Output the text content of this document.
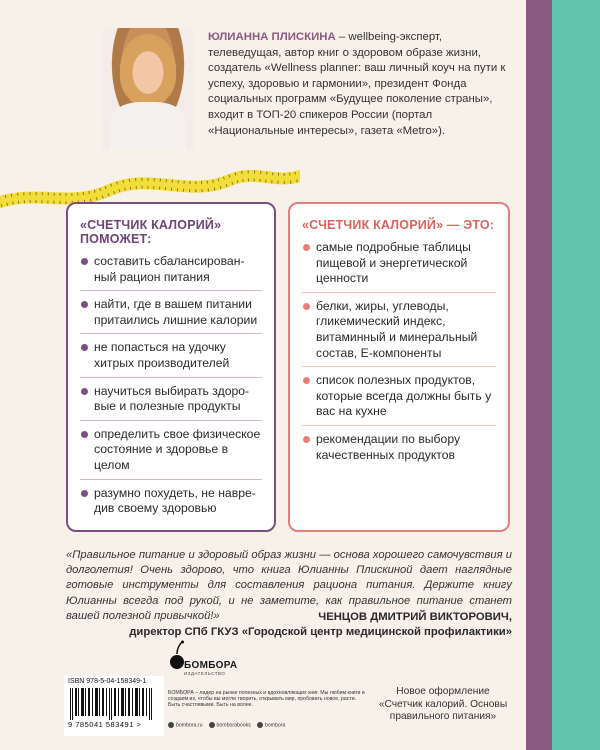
ЮЛИАННА ПЛИСКИНА – wellbeing-эксперт, телеведущая, автор книг о здоровом образе жизни, создатель «Wellness planner: ваш личный коуч на пути к успеху, здоровью и гармонии», президент Фонда социальных программ «Будущее поколение страны», входит в ТОП-20 спикеров России (портал «Национальные интересы», газета «Metro»).
«СЧЕТЧИК КАЛОРИЙ» ПОМОЖЕТ:
составить сбалансированный рацион питания
найти, где в вашем питании притаились лишние калории
не попасться на удочку хитрых производителей
научиться выбирать здоровые и полезные продукты
определить свое физическое состояние и здоровье в целом
разумно похудеть, не навредив своему здоровью
«СЧЕТЧИК КАЛОРИЙ» — ЭТО:
самые подробные таблицы пищевой и энергетической ценности
белки, жиры, углеводы, гликемический индекс, витаминный и минеральный состав, Е-компоненты
список полезных продуктов, которые всегда должны быть у вас на кухне
рекомендации по выбору качественных продуктов
«Правильное питание и здоровый образ жизни — основа хорошего самочувствия и долголетия! Очень здорово, что книга Юлианны Плискиной дает наглядные готовые инструменты для составления рациона питания. Держите книгу Юлианны всегда под рукой, и не заметите, как правильное питание станет вашей полезной привычкой!»	ЧЕНЦОВ ДМИТРИЙ ВИКТОРОВИЧ,
директор СПб ГКУЗ «Городской центр медицинской профилактики»
ISBN 978-5-04-158349-1
9 785041 583491 >
БОМБОРА
ИЗДАТЕЛЬСТВО
БОМБОРА – лидер на рынке полезных и вдохновляющих книг. Мы любим книги и создаем их, чтобы вы могли творить, открывать мир, пробовать новое, расти. Быть счастливыми. Быть на волне.
bombora.ru	bomborabooks	bombora
Новое оформление «Счетчик калорий. Основы правильного питания»
